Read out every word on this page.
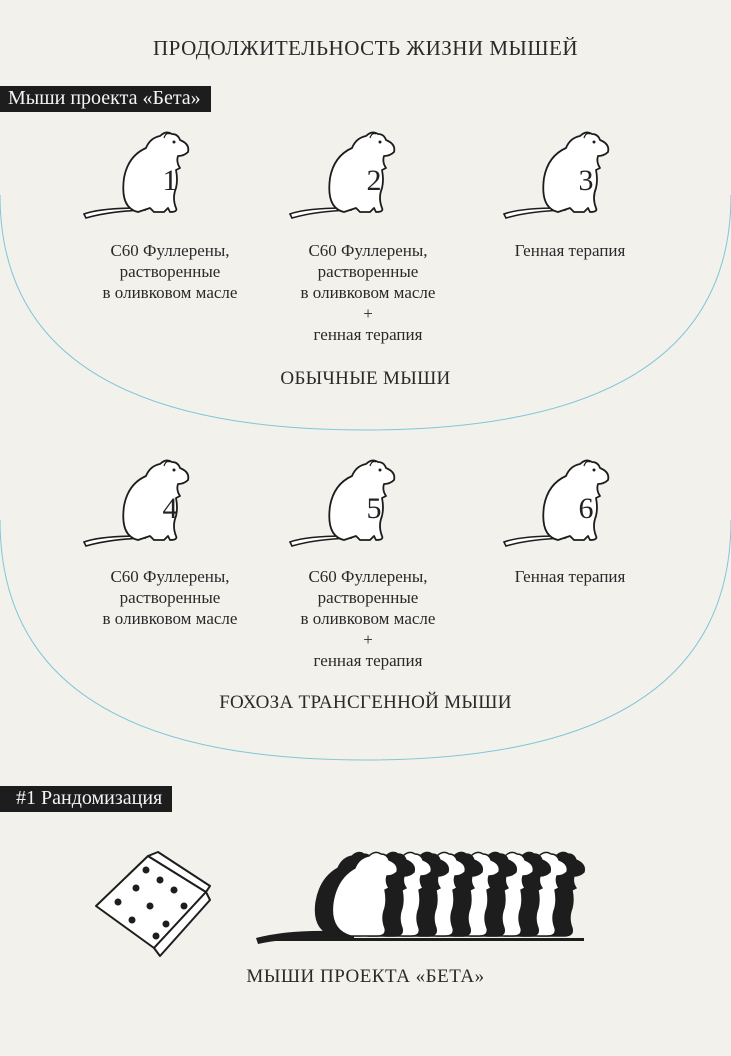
ПРОДОЛЖИТЕЛЬНОСТЬ ЖИЗНИ МЫШЕЙ
Мыши проекта «Бета»
1	2	3
C60 Фуллерены,
растворенные
в оливковом масле
C60 Фуллерены,
растворенные
в оливковом масле
+
генная терапия
Генная терапия
ОБЫЧНЫЕ МЫШИ
4	5	6
C60 Фуллерены,
растворенные
в оливковом масле
C60 Фуллерены,
растворенные
в оливковом масле
+
генная терапия
Генная терапия
FОХОЗА ТРАНСГЕННОЙ МЫШИ
#1 Рандомизация
МЫШИ ПРОЕКТА «БЕТА»
